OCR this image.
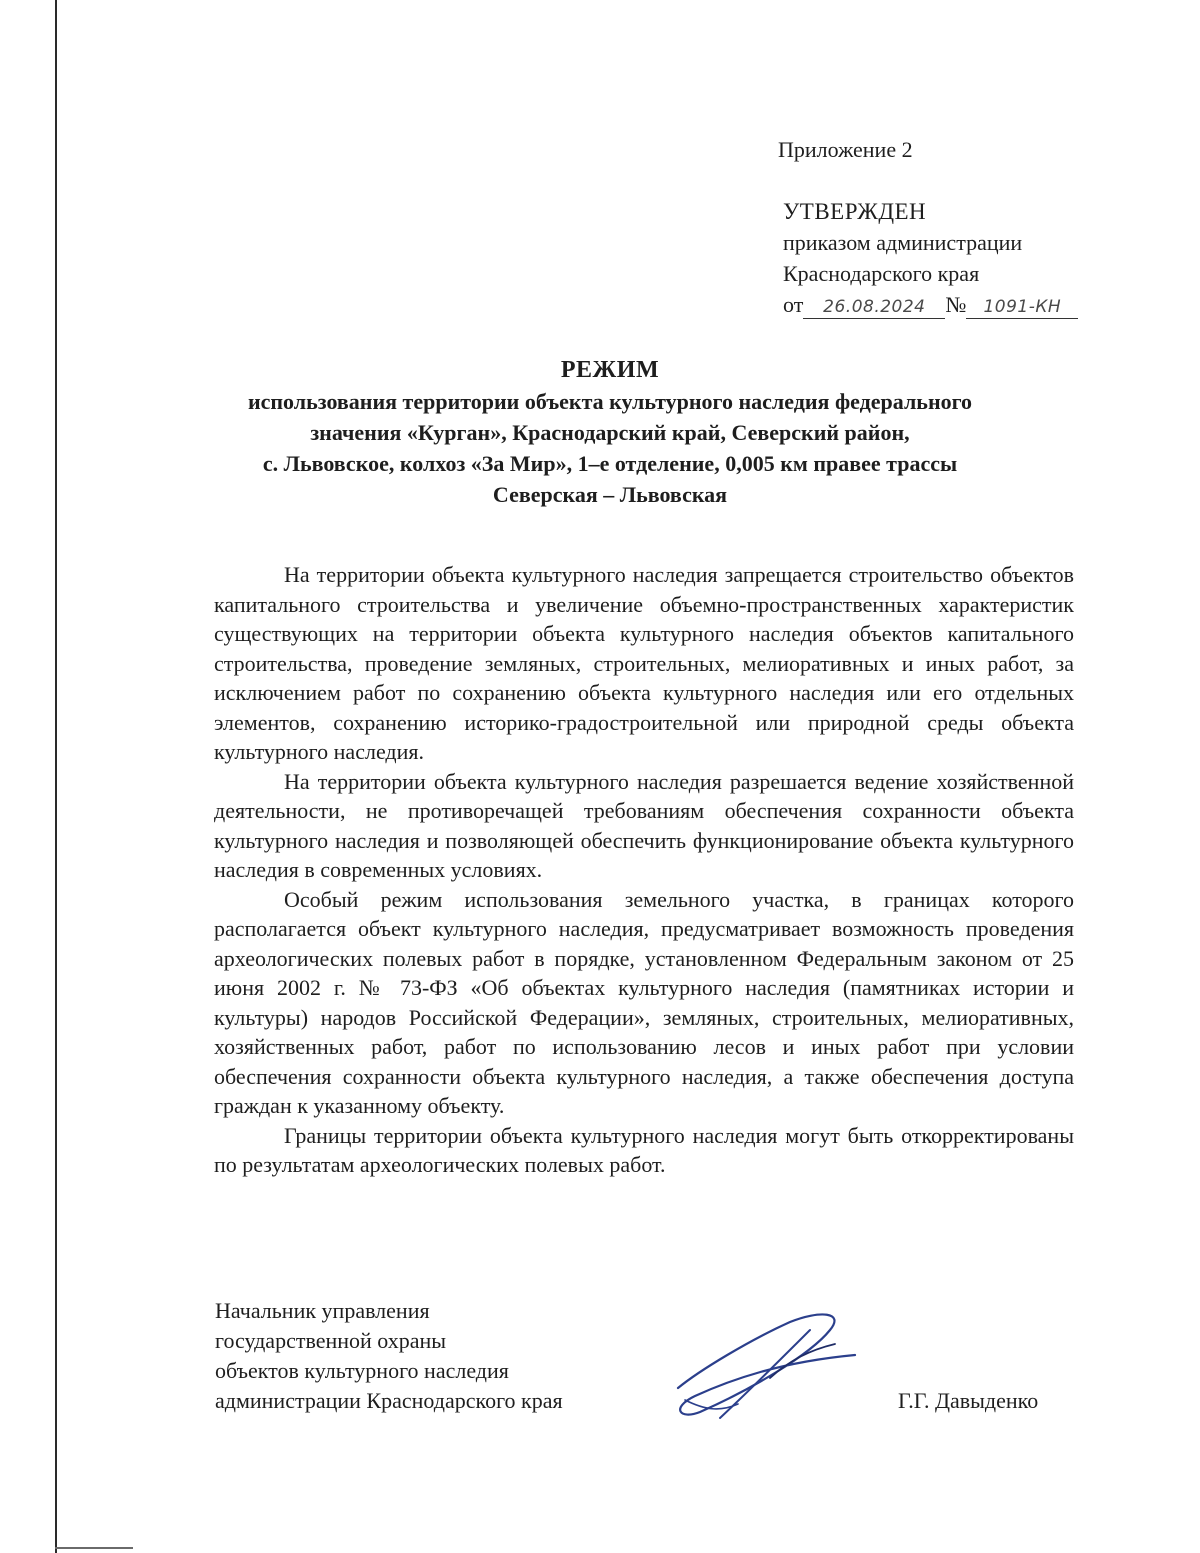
Приложение 2
УТВЕРЖДЕН
приказом администрации
Краснодарского края
от 26.08.2024 № 1091-КН
РЕЖИМ
использования территории объекта культурного наследия федерального
значения «Курган», Краснодарский край, Северский район,
с. Львовское, колхоз «За Мир», 1–е отделение, 0,005 км правее трассы
Северская – Львовская

На территории объекта культурного наследия запрещается строительство объектов капитального строительства и увеличение объемно-пространственных характеристик существующих на территории объекта культурного наследия объектов капитального строительства, проведение земляных, строительных, мелиоративных и иных работ, за исключением работ по сохранению объекта культурного наследия или его отдельных элементов, сохранению историко-градостроительной или природной среды объекта культурного наследия.

На территории объекта культурного наследия разрешается ведение хозяйственной деятельности, не противоречащей требованиям обеспечения сохранности объекта культурного наследия и позволяющей обеспечить функционирование объекта культурного наследия в современных условиях.

Особый режим использования земельного участка, в границах которого располагается объект культурного наследия, предусматривает возможность проведения археологических полевых работ в порядке, установленном Федеральным законом от 25 июня 2002 г. № 73-ФЗ «Об объектах культурного наследия (памятниках истории и культуры) народов Российской Федерации», земляных, строительных, мелиоративных, хозяйственных работ, работ по использованию лесов и иных работ при условии обеспечения сохранности объекта культурного наследия, а также обеспечения доступа граждан к указанному объекту.

Границы территории объекта культурного наследия могут быть откорректированы по результатам археологических полевых работ.

Начальник управления
государственной охраны
объектов культурного наследия
администрации Краснодарского края	Г.Г. Давыденко
